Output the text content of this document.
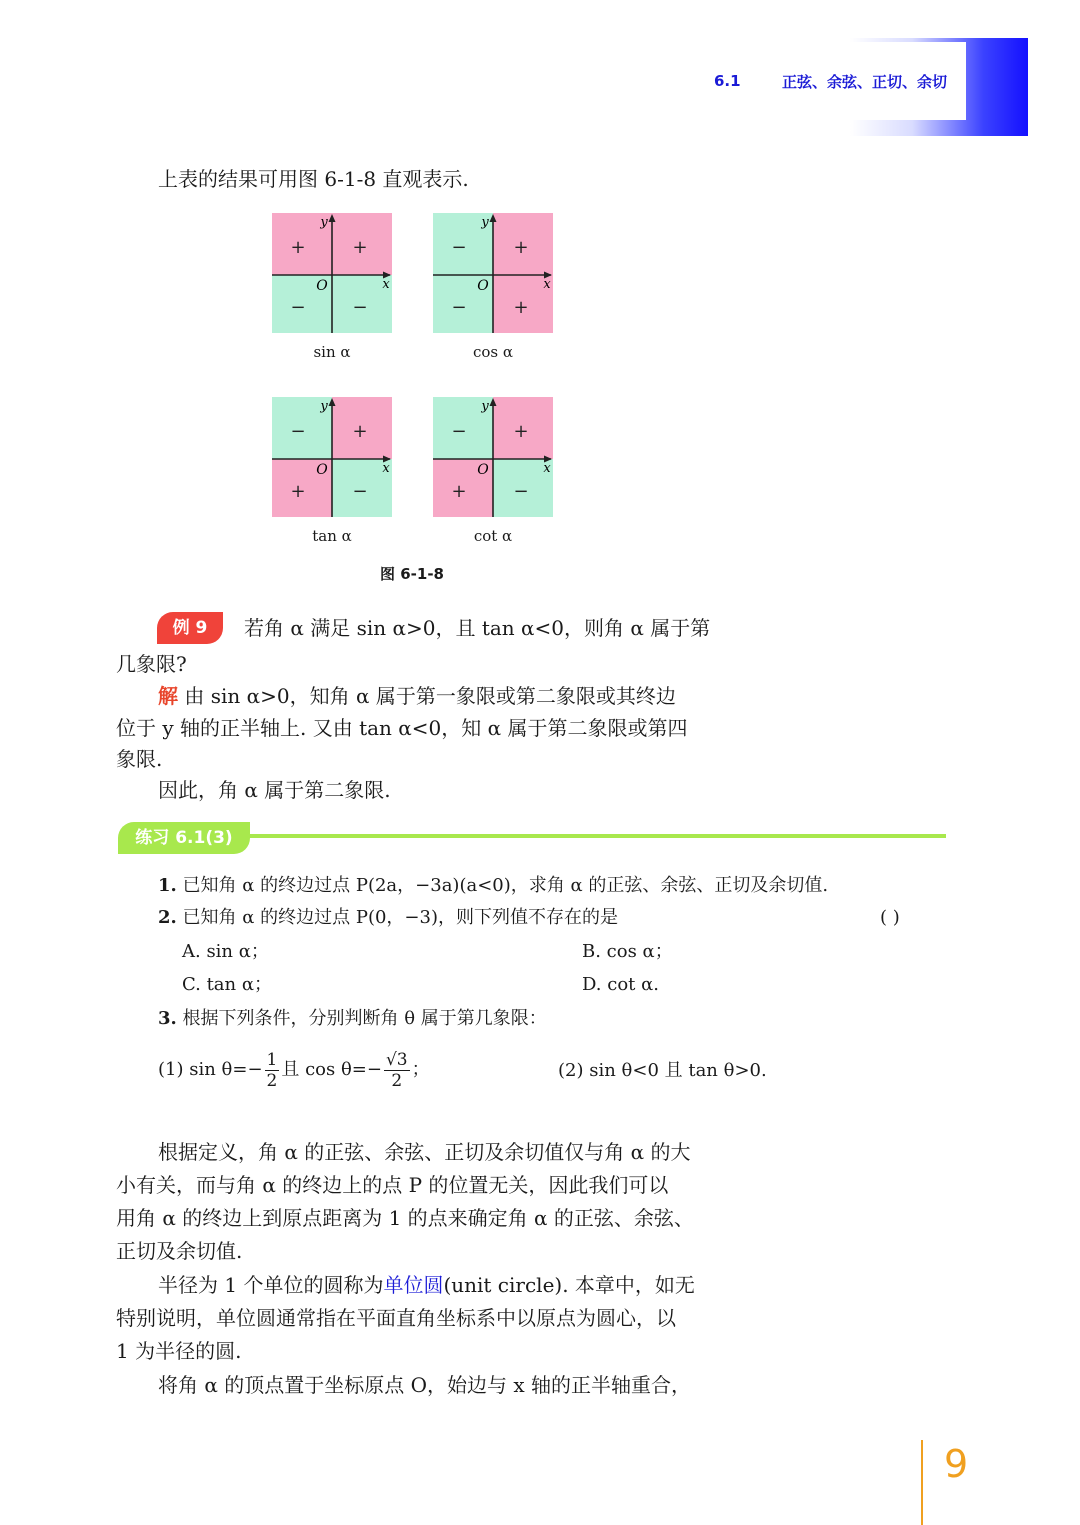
6.1	正弦、余弦、正切、余切
上表的结果可用图 6-1-8 直观表示.
+	+
−	−
x
y
O
sin α
−	+
−	+
x
y
O
cos α
−	+
+	−
x
y
O
tan α
−	+
+	−
x
y
O
cot α
图 6-1-8
例 9	若角 α 满足 sin α>0，且 tan α<0，则角 α 属于第
几象限?
解 由 sin α>0，知角 α 属于第一象限或第二象限或其终边
位于 y 轴的正半轴上. 又由 tan α<0，知 α 属于第二象限或第四
象限.
因此，角 α 属于第二象限.
练习 6.1(3)
1. 已知角 α 的终边过点 P(2a，−3a)(a<0)，求角 α 的正弦、余弦、正切及余切值.
2. 已知角 α 的终边过点 P(0，−3)，则下列值不存在的是	( )
A. sin α；	B. cos α；
C. tan α；	D. cot α.
3. 根据下列条件，分别判断角 θ 属于第几象限：
(1) $\sin \theta=- \frac{1}{2}$ 且 $\cos \theta=- \frac{√3}{2}$ ；	(2) sin θ<0 且 tan θ>0.
根据定义，角 α 的正弦、余弦、正切及余切值仅与角 α 的大
小有关，而与角 α 的终边上的点 P 的位置无关，因此我们可以
用角 α 的终边上到原点距离为 1 的点来确定角 α 的正弦、余弦、
正切及余切值.
半径为 1 个单位的圆称为单位圆(unit circle). 本章中，如无
特别说明，单位圆通常指在平面直角坐标系中以原点为圆心，以
1 为半径的圆.
将角 α 的顶点置于坐标原点 O，始边与 x 轴的正半轴重合，
9
